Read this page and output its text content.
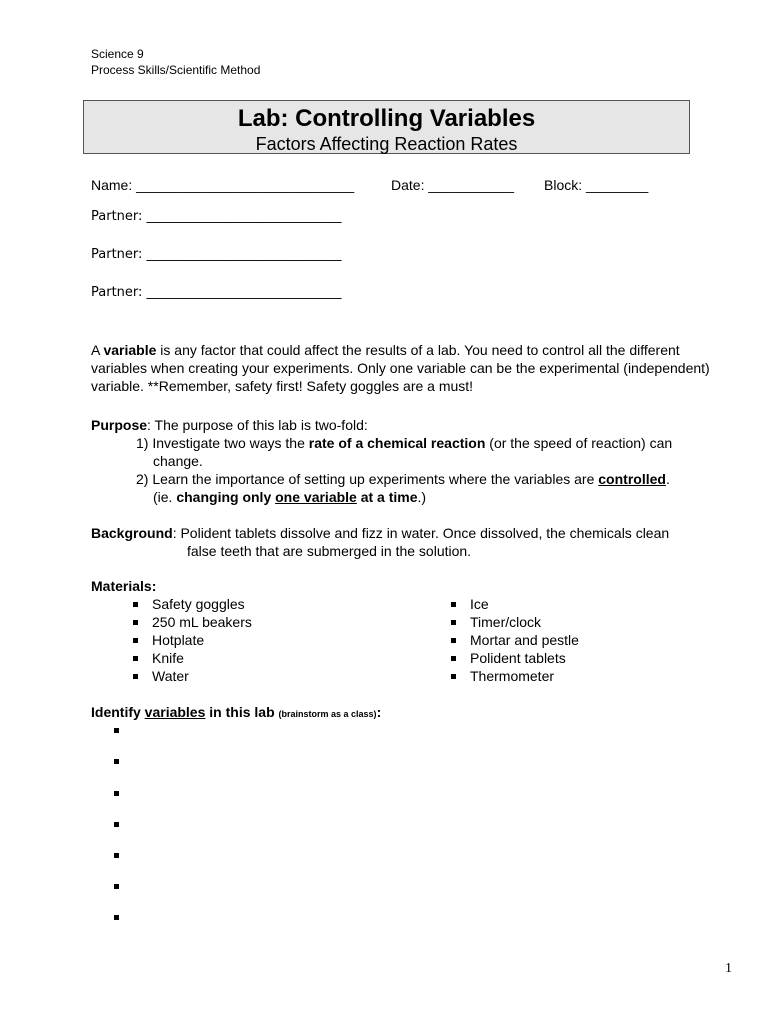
Science 9
Process Skills/Scientific Method
Lab: Controlling Variables
Factors Affecting Reaction Rates
Name: ____________________________	Date: ___________ Block: ________
Partner: ______________________________
Partner: ______________________________
Partner: ______________________________
A variable is any factor that could affect the results of a lab. You need to control all the different variables when creating your experiments. Only one variable can be the experimental (independent) variable. **Remember, safety first! Safety goggles are a must!
Purpose: The purpose of this lab is two-fold:
1) Investigate two ways the rate of a chemical reaction (or the speed of reaction) can
change.
2) Learn the importance of setting up experiments where the variables are controlled.
(ie. changing only one variable at a time.)
Background: Polident tablets dissolve and fizz in water. Once dissolved, the chemicals clean
false teeth that are submerged in the solution.
Materials:
Safety goggles
250 mL beakers
Hotplate
Knife
Water
Ice
Timer/clock
Mortar and pestle
Polident tablets
Thermometer
Identify variables in this lab (brainstorm as a class):
1
